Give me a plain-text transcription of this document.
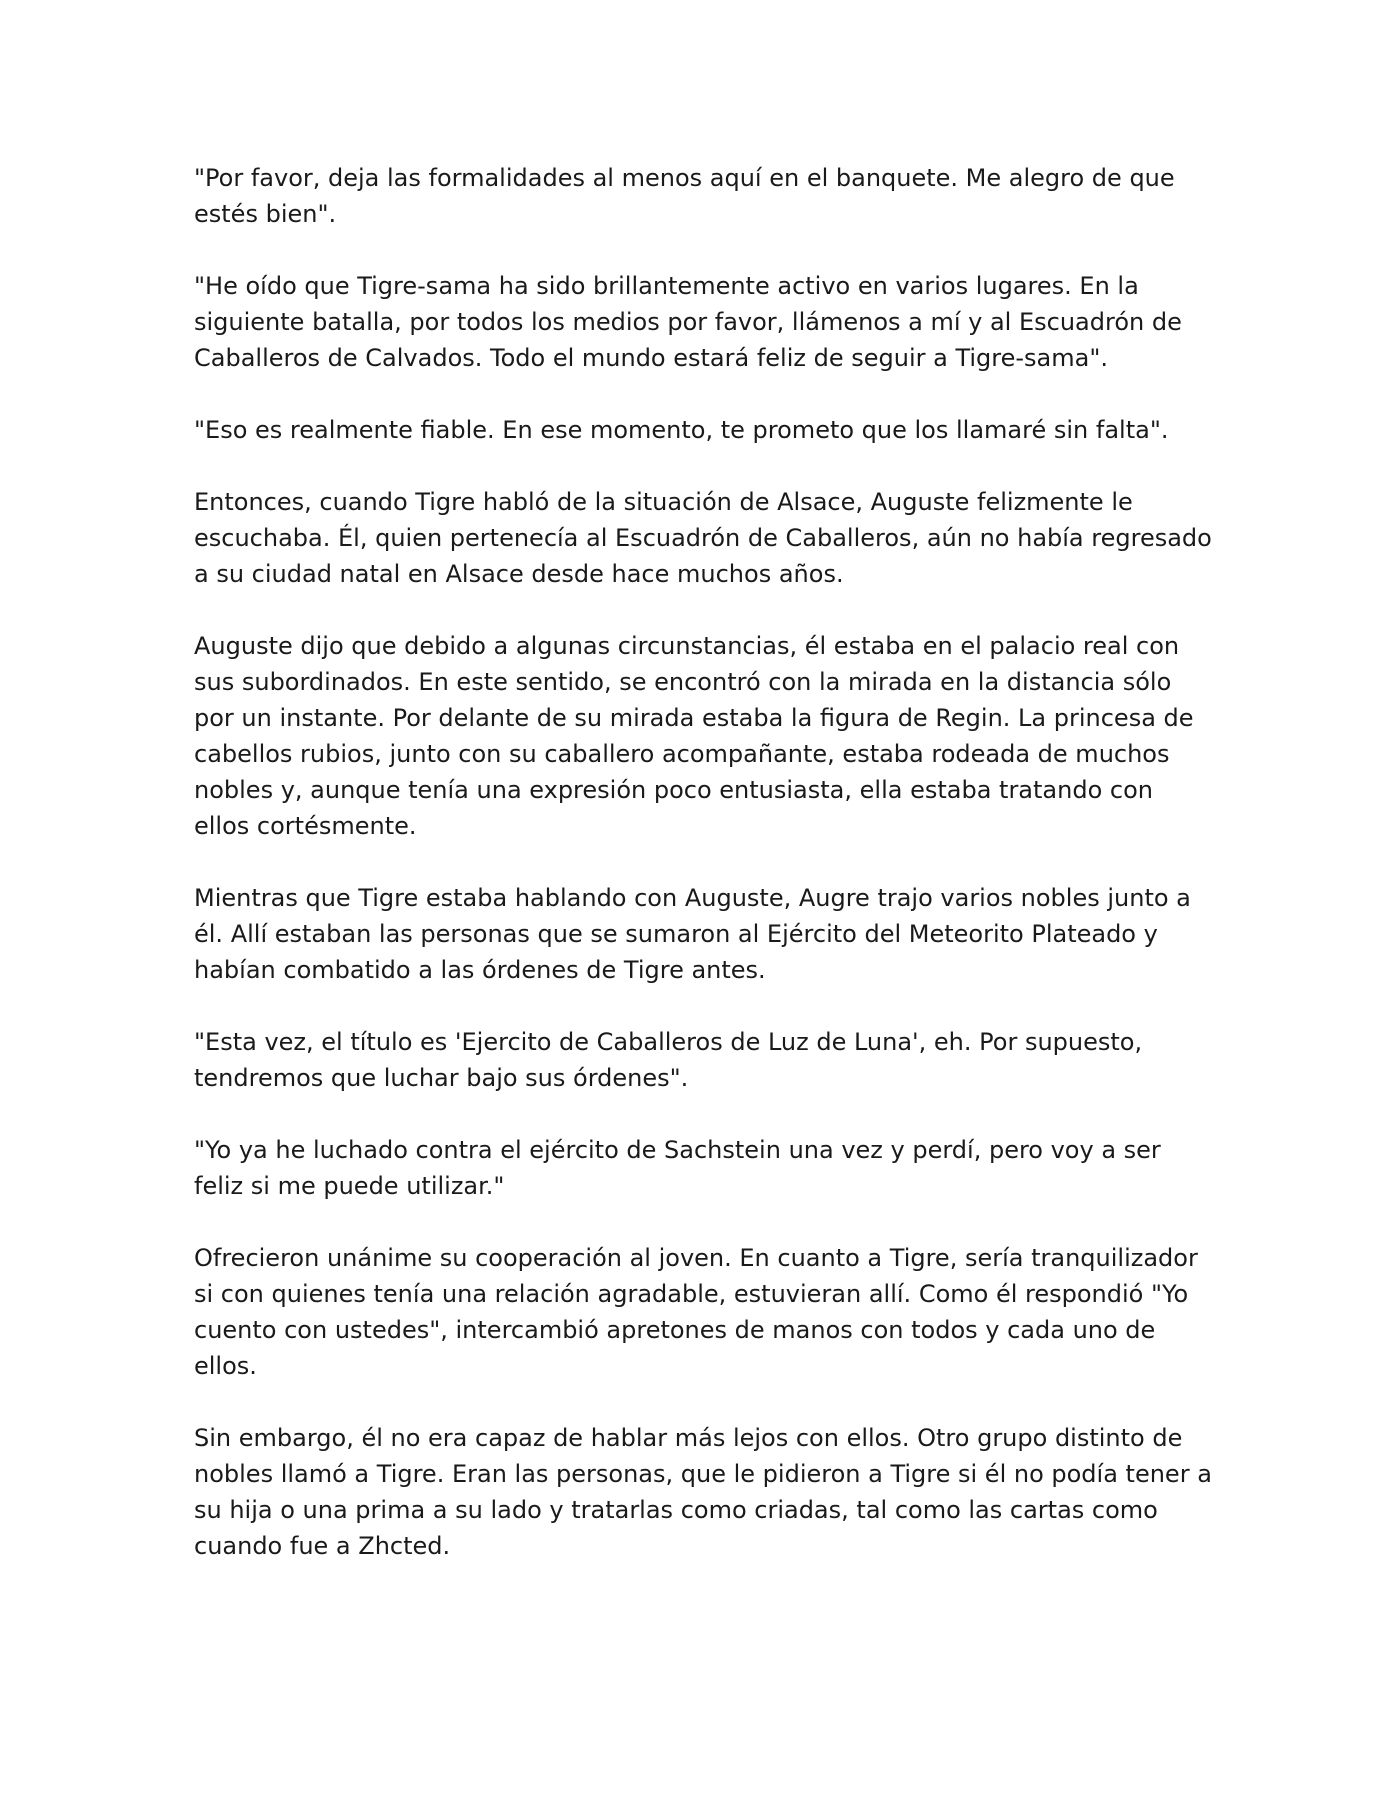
"Por favor, deja las formalidades al menos aquí en el banquete. Me alegro de que estés bien".

"He oído que Tigre-sama ha sido brillantemente activo en varios lugares. En la siguiente batalla, por todos los medios por favor, llámenos a mí y al Escuadrón de Caballeros de Calvados. Todo el mundo estará feliz de seguir a Tigre-sama".

"Eso es realmente fiable. En ese momento, te prometo que los llamaré sin falta".

Entonces, cuando Tigre habló de la situación de Alsace, Auguste felizmente le escuchaba. Él, quien pertenecía al Escuadrón de Caballeros, aún no había regresado a su ciudad natal en Alsace desde hace muchos años.

Auguste dijo que debido a algunas circunstancias, él estaba en el palacio real con sus subordinados. En este sentido, se encontró con la mirada en la distancia sólo por un instante. Por delante de su mirada estaba la figura de Regin. La princesa de cabellos rubios, junto con su caballero acompañante, estaba rodeada de muchos nobles y, aunque tenía una expresión poco entusiasta, ella estaba tratando con ellos cortésmente.

Mientras que Tigre estaba hablando con Auguste, Augre trajo varios nobles junto a él. Allí estaban las personas que se sumaron al Ejército del Meteorito Plateado y habían combatido a las órdenes de Tigre antes.

"Esta vez, el título es 'Ejercito de Caballeros de Luz de Luna', eh. Por supuesto, tendremos que luchar bajo sus órdenes".

"Yo ya he luchado contra el ejército de Sachstein una vez y perdí, pero voy a ser feliz si me puede utilizar."

Ofrecieron unánime su cooperación al joven. En cuanto a Tigre, sería tranquilizador si con quienes tenía una relación agradable, estuvieran allí. Como él respondió "Yo cuento con ustedes", intercambió apretones de manos con todos y cada uno de ellos.

Sin embargo, él no era capaz de hablar más lejos con ellos. Otro grupo distinto de nobles llamó a Tigre. Eran las personas, que le pidieron a Tigre si él no podía tener a su hija o una prima a su lado y tratarlas como criadas, tal como las cartas como cuando fue a Zhcted.
